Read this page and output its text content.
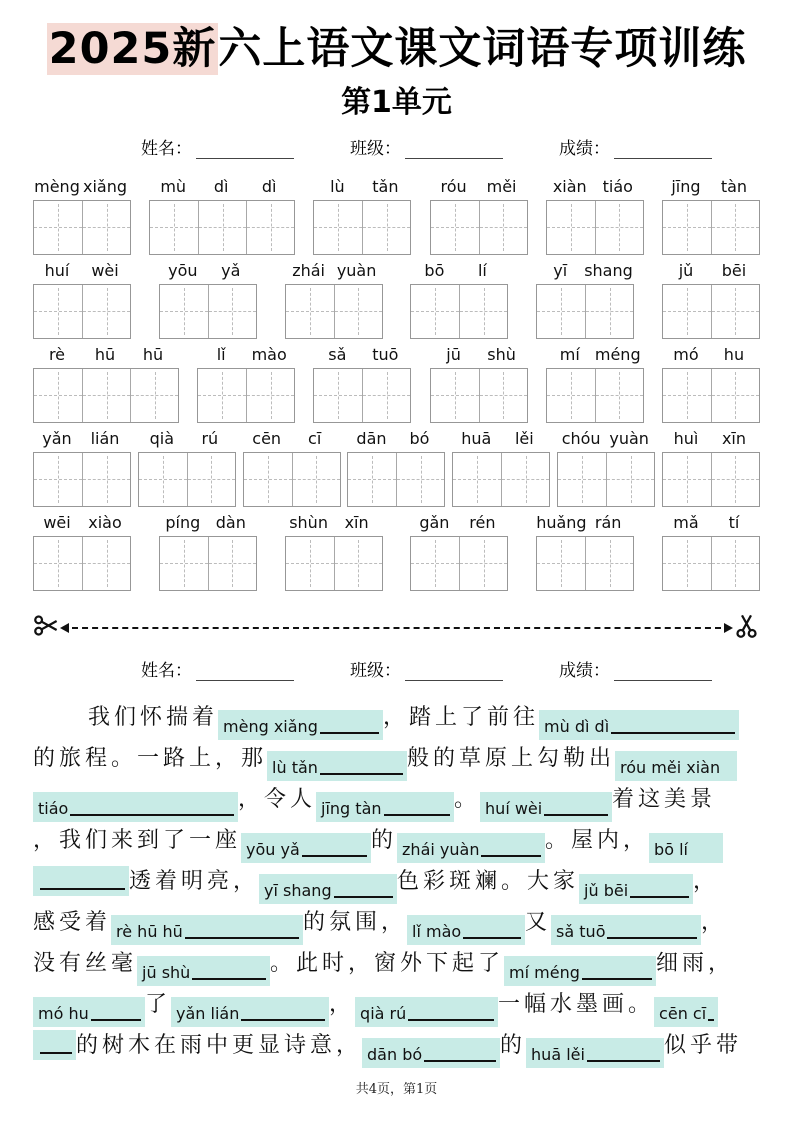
2025新六上语文课文词语专项训练
第1单元
姓名：	班级：	成绩：
mèng xiǎng	mù	dì	dì	lù	tǎn	róu	měi	xiàn tiáo	jīng	tàn
huí	wèi	yōu	yǎ	zhái yuàn	bō	lí	yī	shang	jǔ	bēi
rè	hū	hū	lǐ	mào	sǎ	tuō	jū	shù	mí méng	mó	hu
yǎn	lián	qià	rú	cēn	cī	dān	bó	huā	lěi	chóu yuàn	huì	xīn
wēi	xiào	píng dàn	shùn	xīn	gǎn	rén	huǎng rán	mǎ	tí
姓名：	班级：	成绩：
我们怀揣着 mèng xiǎng	，踏上了前往 mù dì dì
的旅程。一路上，那 lù tǎn	般的草原上勾勒出 róu měi xiàn
tiáo	，令人 jīng tàn	。 huí wèi	着这美景
，我们来到了一座 yōu yǎ	的 zhái yuàn	。屋内， bō lí
透着明亮， yī shang	色彩斑斓。大家 jǔ bēi	，
感受着 rè hū hū	的氛围， lǐ mào	又 sǎ tuō	，
没有丝毫 jū shù	。此时，窗外下起了 mí méng	细雨，
mó hu	了 yǎn lián	， qià rú	一幅水墨画。 cēn cī
的树木在雨中更显诗意， dān bó	的 huā lěi	似乎带
共4页，第1页
